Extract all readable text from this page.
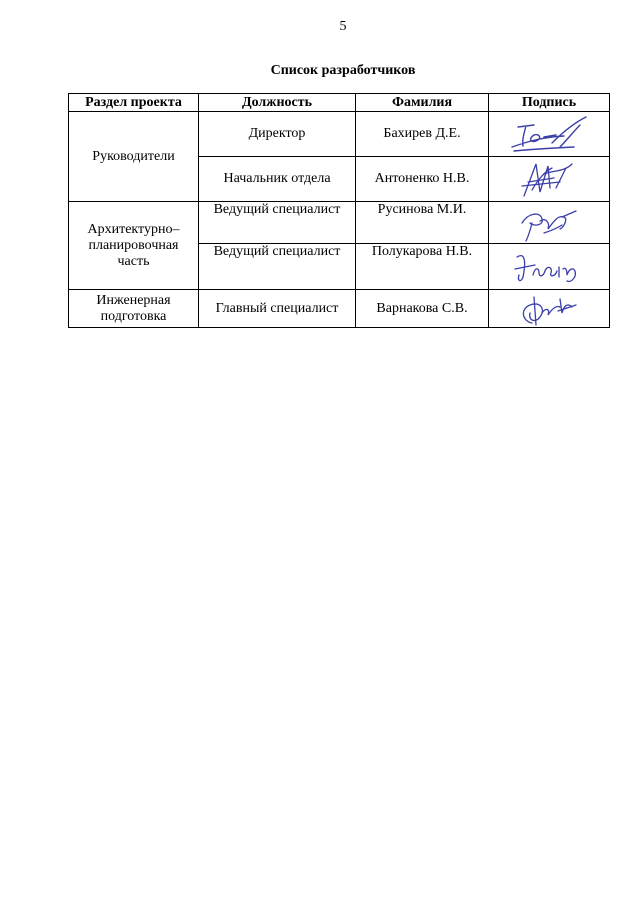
5
Список разработчиков
Раздел проекта	Должность	Фамилия	Подпись
Руководители	Директор	Бахирев Д.Е.	

	Начальник отдела	Антоненко Н.В.	

Архитектурно–планировочная часть	Ведущий специалист	Русинова М.И.	

	Ведущий специалист	Полукарова Н.В.	

Инженерная подготовка	Главный специалист	Варнакова С.В.	
